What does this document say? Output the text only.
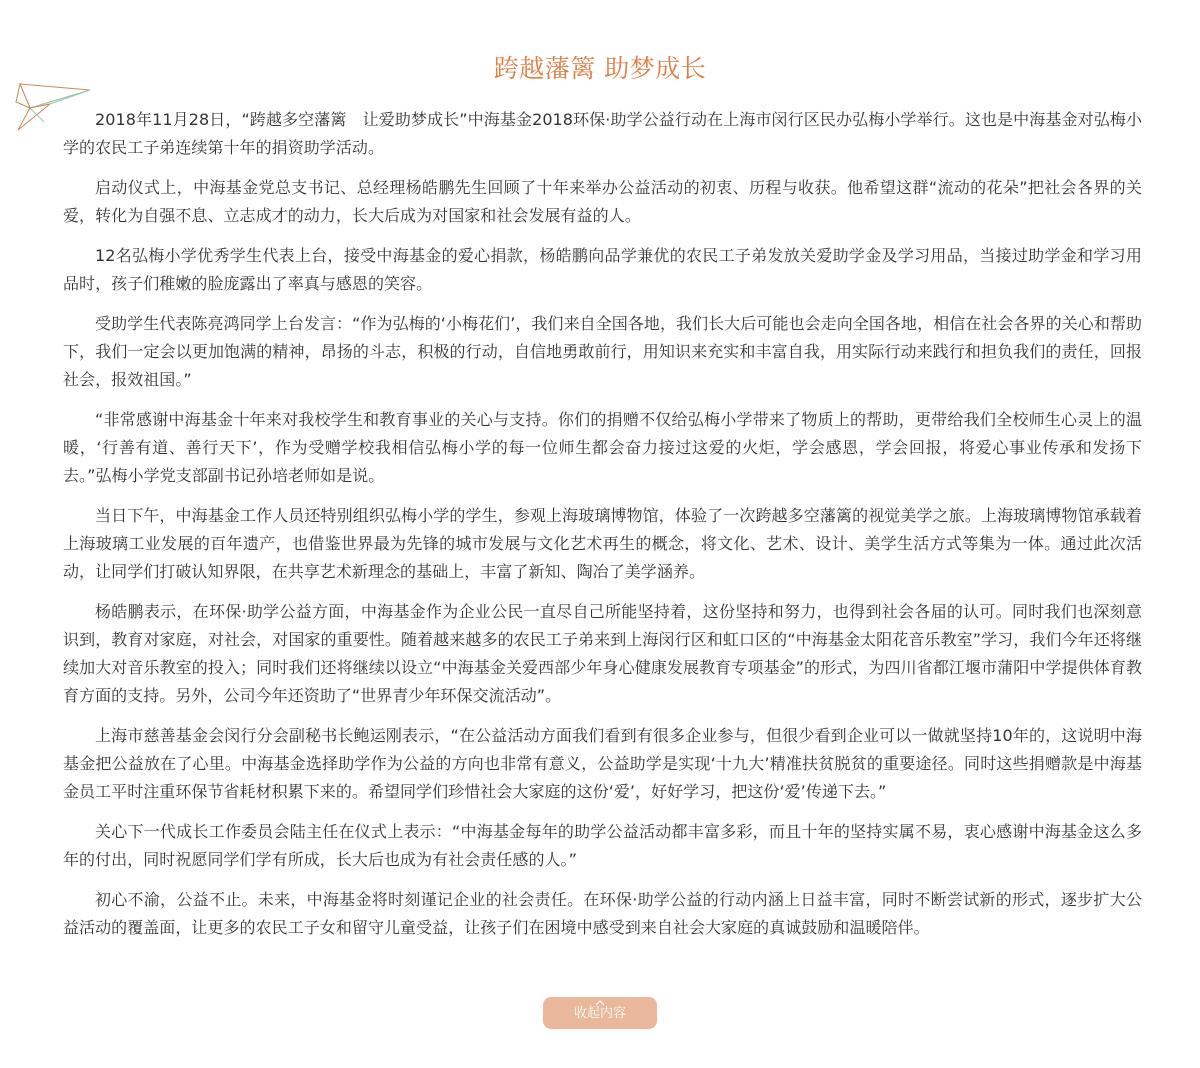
跨越藩篱 助梦成长

2018年11月28日，“跨越多空藩篱　让爱助梦成长”中海基金2018环保·助学公益行动在上海市闵行区民办弘梅小学举行。这也是中海基金对弘梅小学的农民工子弟连续第十年的捐资助学活动。

启动仪式上，中海基金党总支书记、总经理杨皓鹏先生回顾了十年来举办公益活动的初衷、历程与收获。他希望这群“流动的花朵”把社会各界的关爱，转化为自强不息、立志成才的动力，长大后成为对国家和社会发展有益的人。

12名弘梅小学优秀学生代表上台，接受中海基金的爱心捐款，杨皓鹏向品学兼优的农民工子弟发放关爱助学金及学习用品，当接过助学金和学习用品时，孩子们稚嫩的脸庞露出了率真与感恩的笑容。

受助学生代表陈亮鸿同学上台发言：“作为弘梅的‘小梅花们’，我们来自全国各地，我们长大后可能也会走向全国各地，相信在社会各界的关心和帮助下，我们一定会以更加饱满的精神，昂扬的斗志，积极的行动，自信地勇敢前行，用知识来充实和丰富自我，用实际行动来践行和担负我们的责任，回报社会，报效祖国。”

“非常感谢中海基金十年来对我校学生和教育事业的关心与支持。你们的捐赠不仅给弘梅小学带来了物质上的帮助，更带给我们全校师生心灵上的温暖，‘行善有道、善行天下’，作为受赠学校我相信弘梅小学的每一位师生都会奋力接过这爱的火炬，学会感恩，学会回报，将爱心事业传承和发扬下去。”弘梅小学党支部副书记孙培老师如是说。

当日下午，中海基金工作人员还特别组织弘梅小学的学生，参观上海玻璃博物馆，体验了一次跨越多空藩篱的视觉美学之旅。上海玻璃博物馆承载着上海玻璃工业发展的百年遗产，也借鉴世界最为先锋的城市发展与文化艺术再生的概念，将文化、艺术、设计、美学生活方式等集为一体。通过此次活动，让同学们打破认知界限，在共享艺术新理念的基础上，丰富了新知、陶冶了美学涵养。

杨皓鹏表示，在环保·助学公益方面，中海基金作为企业公民一直尽自己所能坚持着，这份坚持和努力，也得到社会各届的认可。同时我们也深刻意识到，教育对家庭，对社会，对国家的重要性。随着越来越多的农民工子弟来到上海闵行区和虹口区的“中海基金太阳花音乐教室”学习，我们今年还将继续加大对音乐教室的投入；同时我们还将继续以设立“中海基金关爱西部少年身心健康发展教育专项基金”的形式，为四川省都江堰市蒲阳中学提供体育教育方面的支持。另外，公司今年还资助了“世界青少年环保交流活动”。

上海市慈善基金会闵行分会副秘书长鲍运刚表示，“在公益活动方面我们看到有很多企业参与，但很少看到企业可以一做就坚持10年的，这说明中海基金把公益放在了心里。中海基金选择助学作为公益的方向也非常有意义，公益助学是实现‘十九大’精准扶贫脱贫的重要途径。同时这些捐赠款是中海基金员工平时注重环保节省耗材积累下来的。希望同学们珍惜社会大家庭的这份‘爱’，好好学习，把这份‘爱’传递下去。”

关心下一代成长工作委员会陆主任在仪式上表示：“中海基金每年的助学公益活动都丰富多彩，而且十年的坚持实属不易，衷心感谢中海基金这么多年的付出，同时祝愿同学们学有所成，长大后也成为有社会责任感的人。”

初心不渝，公益不止。未来，中海基金将时刻谨记企业的社会责任。在环保·助学公益的行动内涵上日益丰富，同时不断尝试新的形式，逐步扩大公益活动的覆盖面，让更多的农民工子女和留守儿童受益，让孩子们在困境中感受到来自社会大家庭的真诚鼓励和温暖陪伴。

收起内容
